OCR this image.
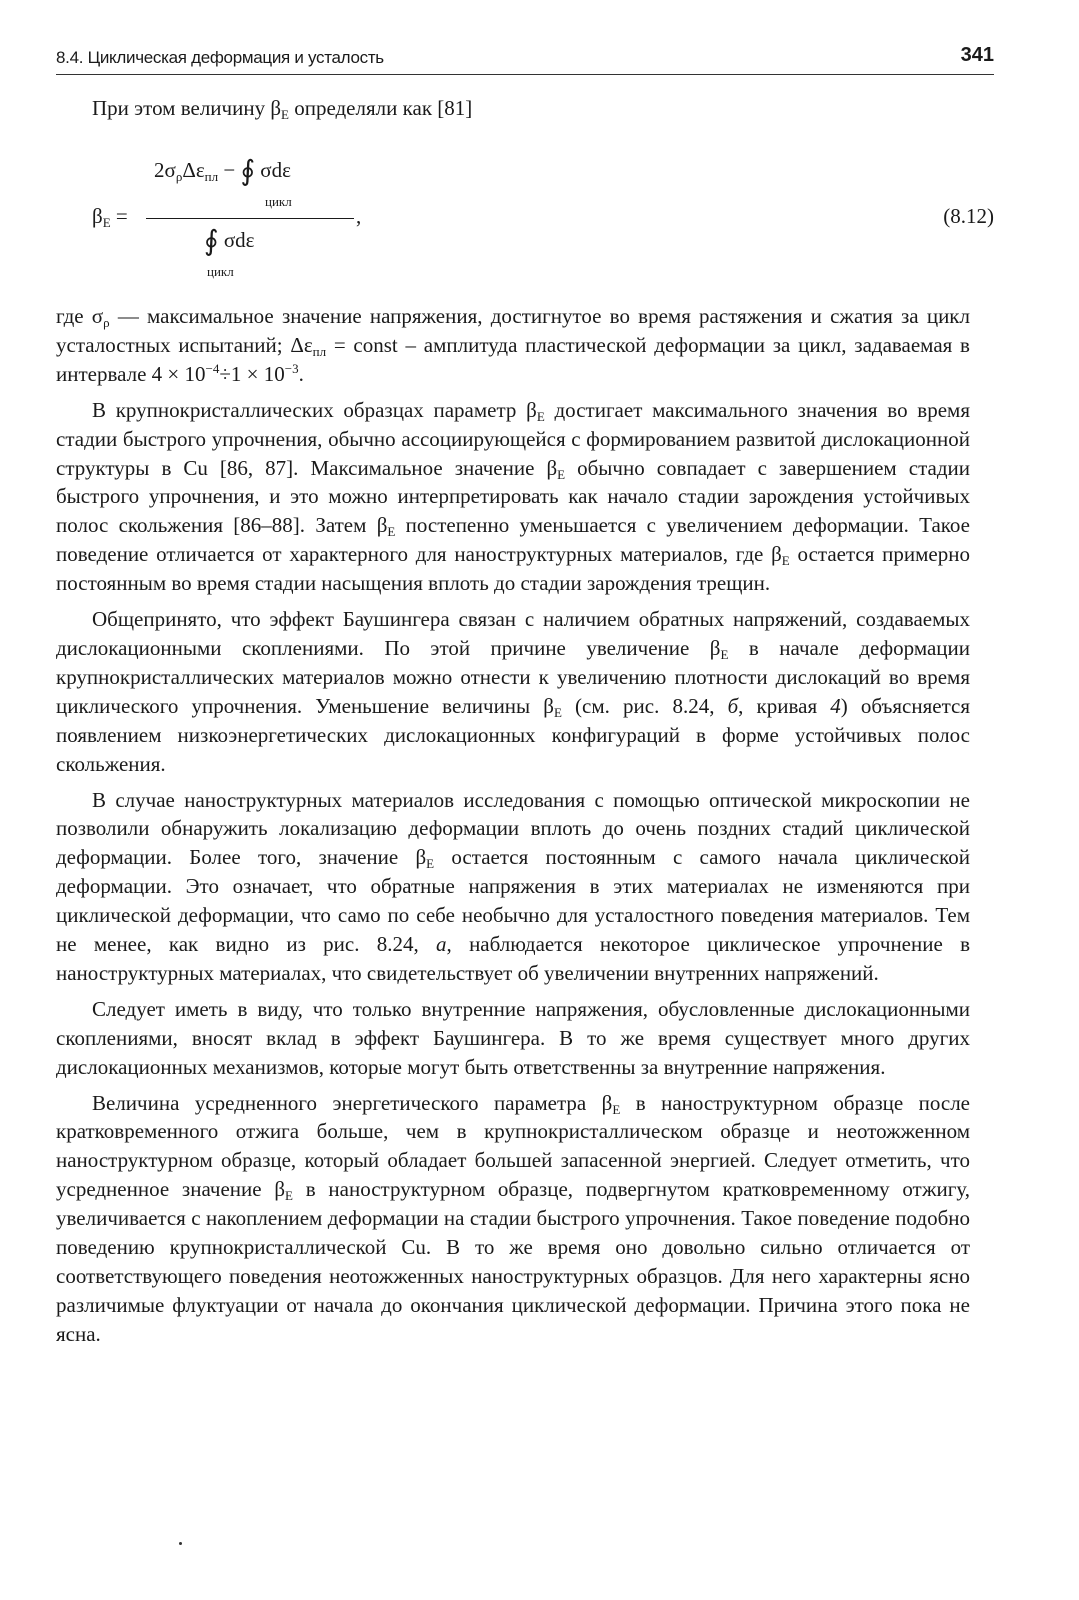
8.4. Циклическая деформация и усталость	341
При этом величину $\beta_E$ определяли как [81]
$\beta_E$ =
$2\sigma_\rho\Delta\varepsilon_{пл}$ − ∮ σdε
цикл
,
∮ σdε
цикл
(8.12)

где $\sigma_\rho$ — максимальное значение напряжения, достигнутое во время растяжения и сжатия за цикл усталостных испытаний; $\Delta\varepsilon_{пл}$ = const – амплитуда пластической деформации за цикл, задаваемая в интервале $4 \times 10^{-4}\div 1 \times 10^{-3}$.

В крупнокристаллических образцах параметр $\beta_E$ достигает максимального значения во время стадии быстрого упрочнения, обычно ассоциирующейся с формированием развитой дислокационной структуры в Cu [86, 87]. Максимальное значение $\beta_E$ обычно совпадает с завершением стадии быстрого упрочнения, и это можно интерпретировать как начало стадии зарождения устойчивых полос скольжения [86–88]. Затем $\beta_E$ постепенно уменьшается с увеличением деформации. Такое поведение отличается от характерного для наноструктурных материалов, где $\beta_E$ остается примерно постоянным во время стадии насыщения вплоть до стадии зарождения трещин.

Общепринято, что эффект Баушингера связан с наличием обратных напряжений, создаваемых дислокационными скоплениями. По этой причине увеличение $\beta_E$ в начале деформации крупнокристаллических материалов можно отнести к увеличению плотности дислокаций во время циклического упрочнения. Уменьшение величины $\beta_E$ (см. рис. 8.24, б, кривая 4) объясняется появлением низкоэнергетических дислокационных конфигураций в форме устойчивых полос скольжения.

В случае наноструктурных материалов исследования с помощью оптической микроскопии не позволили обнаружить локализацию деформации вплоть до очень поздних стадий циклической деформации. Более того, значение $\beta_E$ остается постоянным с самого начала циклической деформации. Это означает, что обратные напряжения в этих материалах не изменяются при циклической деформации, что само по себе необычно для усталостного поведения материалов. Тем не менее, как видно из рис. 8.24, а, наблюдается некоторое циклическое упрочнение в наноструктурных материалах, что свидетельствует об увеличении внутренних напряжений.

Следует иметь в виду, что только внутренние напряжения, обусловленные дислокационными скоплениями, вносят вклад в эффект Баушингера. В то же время существует много других дислокационных механизмов, которые могут быть ответственны за внутренние напряжения.

Величина усредненного энергетического параметра $\beta_E$ в наноструктурном образце после кратковременного отжига больше, чем в крупнокристаллическом образце и неотожженном наноструктурном образце, который обладает большей запасенной энергией. Следует отметить, что усредненное значение $\beta_E$ в наноструктурном образце, подвергнутом кратковременному отжигу, увеличивается с накоплением деформации на стадии быстрого упрочнения. Такое поведение подобно поведению крупнокристаллической Cu. В то же время оно довольно сильно отличается от соответствующего поведения неотожженных наноструктурных образцов. Для него характерны ясно различимые флуктуации от начала до окончания циклической деформации. Причина этого пока не ясна.
